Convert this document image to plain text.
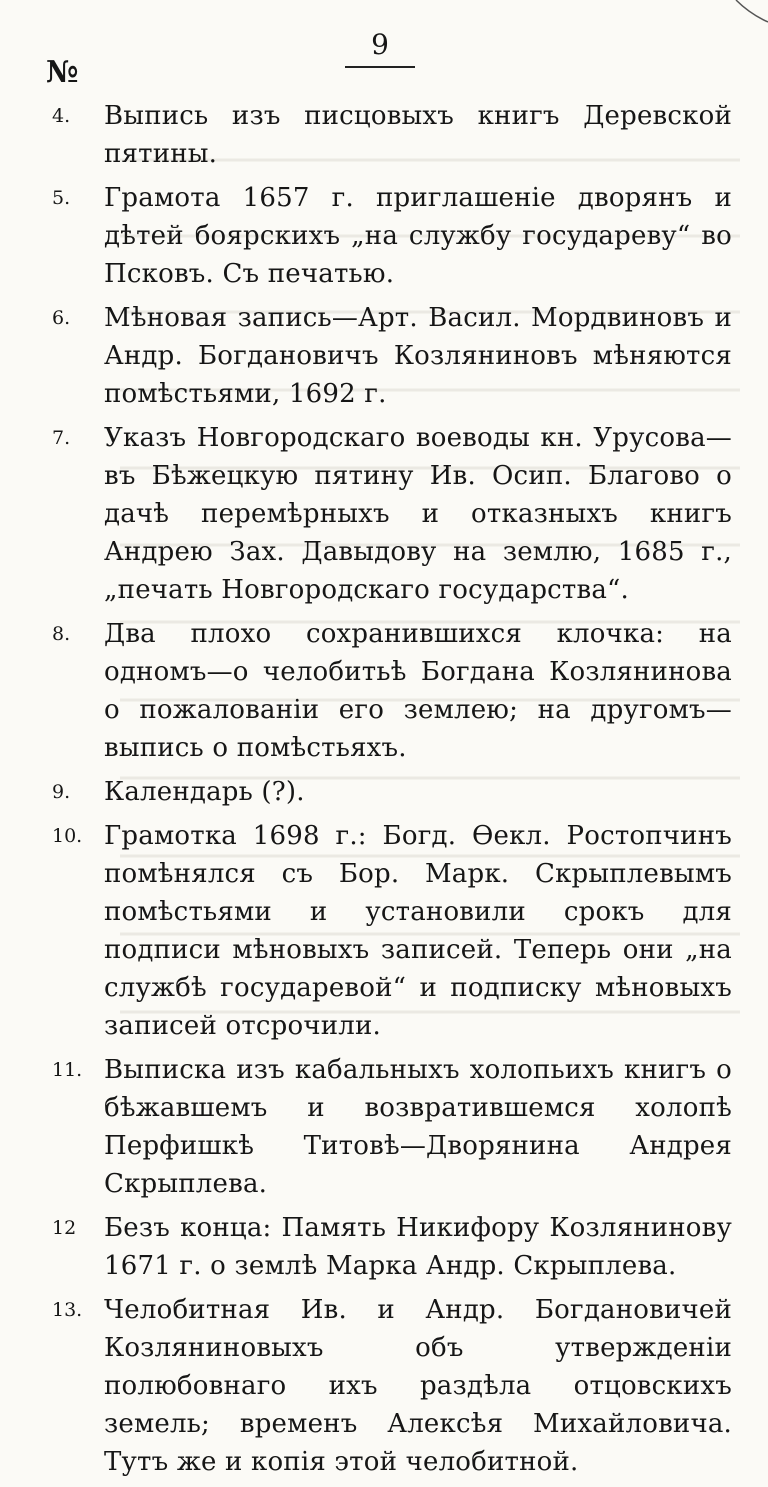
9
№
4.	Выпись изъ писцовыхъ книгъ Деревской пятины.
5.	Грамота 1657 г. приглашеніе дворянъ и дѣтей боярскихъ „на службу государеву“ во Псковъ. Съ печатью.
6.	Мѣновая запись—Арт. Васил. Мордвиновъ и Андр. Богдановичъ Козляниновъ мѣняются помѣстьями, 1692 г.
7.	Указъ Новгородскаго воеводы кн. Урусова—въ Бѣжецкую пятину Ив. Осип. Благово о дачѣ перемѣрныхъ и отказныхъ книгъ Андрею Зах. Давыдову на землю, 1685 г., „печать Новгородскаго государства“.
8.	Два плохо сохранившихся клочка: на одномъ—о челобитьѣ Богдана Козлянинова о пожалованіи его землею; на другомъ—выпись о помѣстьяхъ.
9.	Календарь (?).
10. Грамотка 1698 г.: Богд. Ѳекл. Ростопчинъ помѣнялся съ Бор. Марк. Скрыплевымъ помѣстьями и установили срокъ для подписи мѣновыхъ записей. Теперь они „на службѣ государевой“ и подписку мѣновыхъ записей отсрочили.
11. Выписка изъ кабальныхъ холопьихъ книгъ о бѣжавшемъ и возвратившемся холопѣ Перфишкѣ Титовѣ—Дворянина Андрея Скрыплева.
12	Безъ конца: Память Никифору Козлянинову 1671 г. о землѣ Марка Андр. Скрыплева.
13. Челобитная Ив. и Андр. Богдановичей Козляниновыхъ объ утвержденіи полюбовнаго ихъ раздѣла отцовскихъ земель; временъ Алексѣя Михайловича. Тутъ же и копія этой челобитной.
